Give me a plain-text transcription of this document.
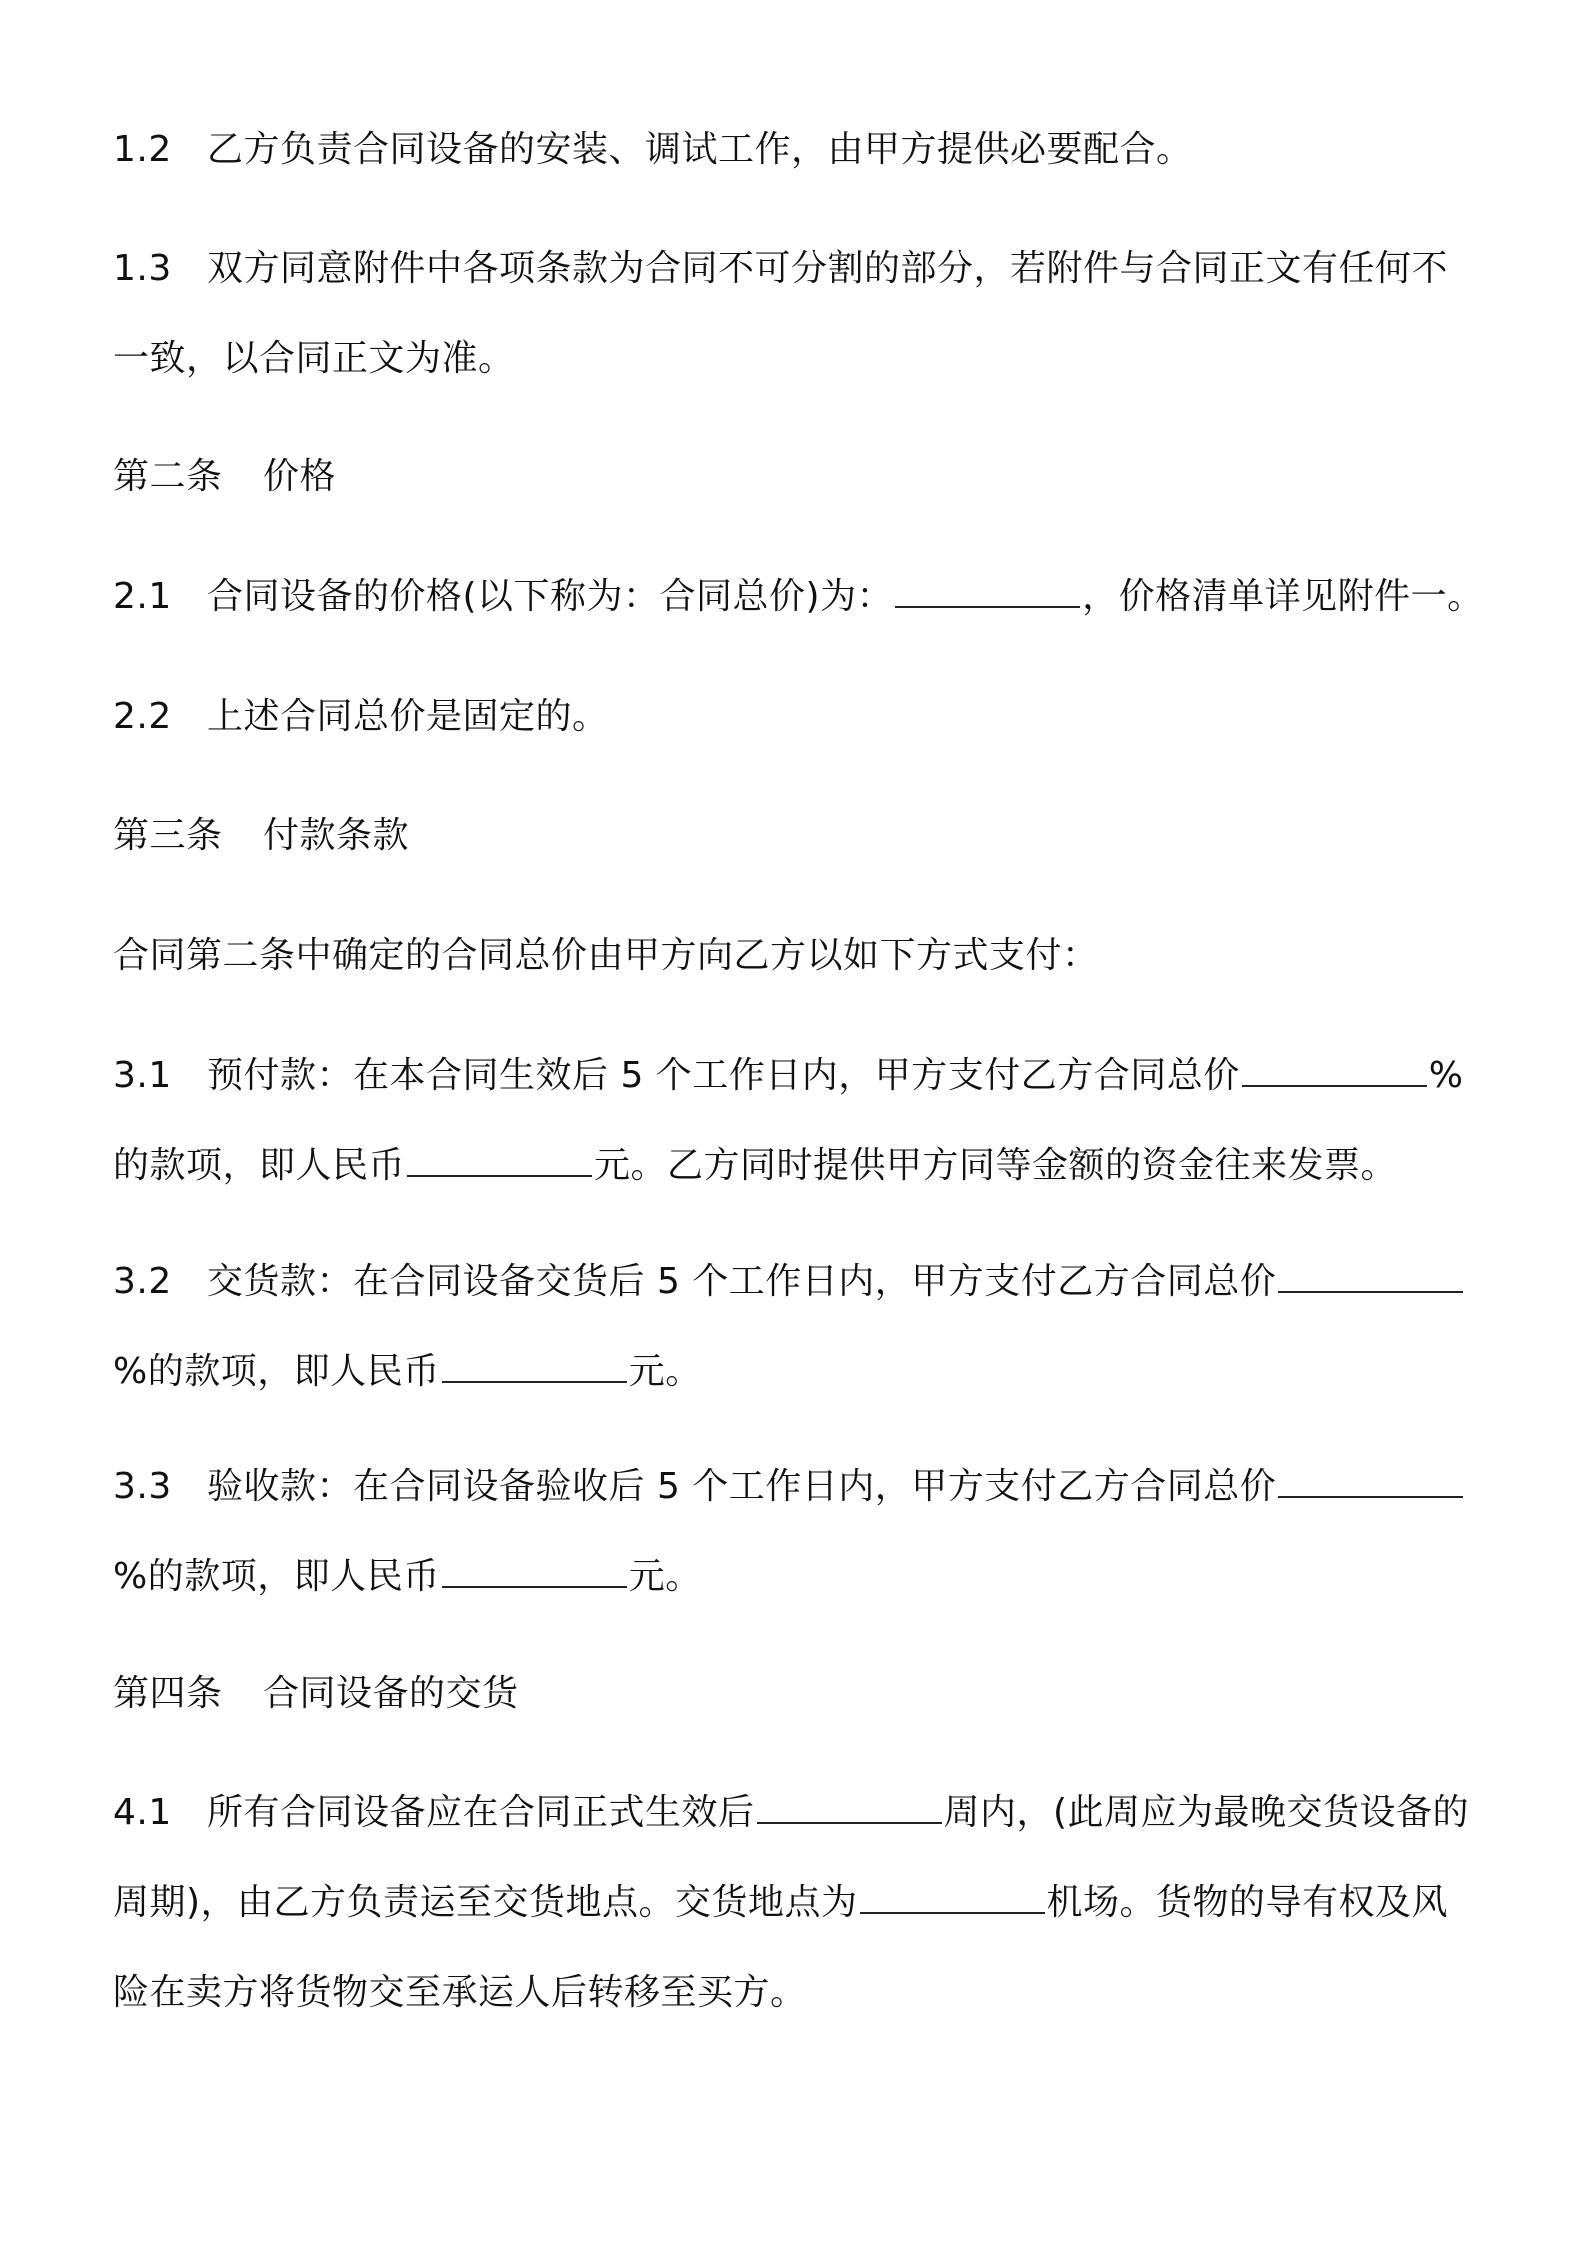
1.2 乙方负责合同设备的安装、调试工作，由甲方提供必要配合。

1.3 双方同意附件中各项条款为合同不可分割的部分，若附件与合同正文有任何不一致，以合同正文为准。

第二条 价格

2.1 合同设备的价格(以下称为：合同总价)为：	，价格清单详见附件一。

2.2 上述合同总价是固定的。

第三条 付款条款

合同第二条中确定的合同总价由甲方向乙方以如下方式支付：

3.1 预付款：在本合同生效后 5 个工作日内，甲方支付乙方合同总价	%的款项，即人民币	元。乙方同时提供甲方同等金额的资金往来发票。

3.2 交货款：在合同设备交货后 5 个工作日内，甲方支付乙方合同总价%的款项，即人民币	元。

3.3 验收款：在合同设备验收后 5 个工作日内，甲方支付乙方合同总价%的款项，即人民币	元。

第四条 合同设备的交货

4.1 所有合同设备应在合同正式生效后	周内，(此周应为最晚交货设备的周期)，由乙方负责运至交货地点。交货地点为	机场。货物的导有权及风险在卖方将货物交至承运人后转移至买方。
